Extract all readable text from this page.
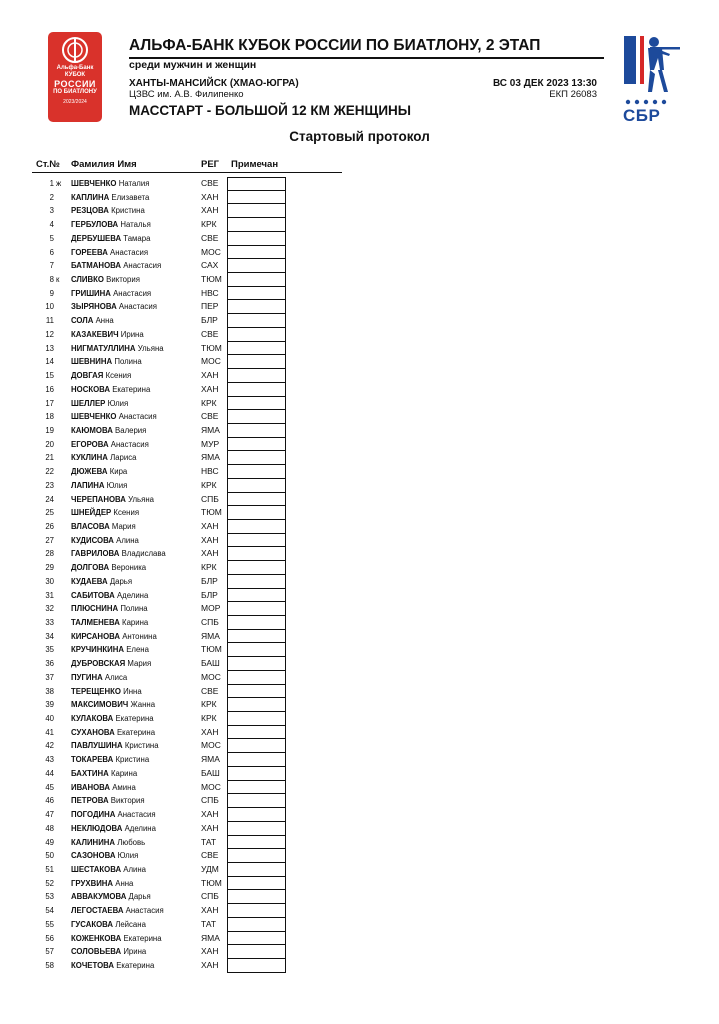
Альфа-Банк
КУБОК
РОССИИ
ПО БИАТЛОНУ
2023/2024
АЛЬФА-БАНК КУБОК РОССИИ ПО БИАТЛОНУ, 2 ЭТАП
среди мужчин и женщин
ХАНТЫ-МАНСИЙСК (ХМАО-ЮГРА)
ЦЗВС им. А.В. Филипенко
ВС 03 ДЕК 2023 13:30
ЕКП 26083
МАССТАРТ - БОЛЬШОЙ 12 КМ ЖЕНЩИНЫ
Стартовый протокол
СБР
Ст.№ Фамилия Имя	РЕГ Примечан
1 ж ШЕВЧЕНКО Наталия	СВЕ
2 КАПЛИНА Елизавета	ХАН
3 РЕЗЦОВА Кристина	ХАН
4 ГЕРБУЛОВА Наталья	КРК
5 ДЕРБУШЕВА Тамара	СВЕ
6 ГОРЕЕВА Анастасия	МОС
7 БАТМАНОВА Анастасия	САХ
8 к СЛИВКО Виктория	ТЮМ
9 ГРИШИНА Анастасия	НВС
10 ЗЫРЯНОВА Анастасия	ПЕР
11 СОЛА Анна	БЛР
12 КАЗАКЕВИЧ Ирина	СВЕ
13 НИГМАТУЛЛИНА Ульяна	ТЮМ
14 ШЕВНИНА Полина	МОС
15 ДОВГАЯ Ксения	ХАН
16 НОСКОВА Екатерина	ХАН
17 ШЕЛЛЕР Юлия	КРК
18 ШЕВЧЕНКО Анастасия	СВЕ
19 КАЮМОВА Валерия	ЯМА
20 ЕГОРОВА Анастасия	МУР
21 КУКЛИНА Лариса	ЯМА
22 ДЮЖЕВА Кира	НВС
23 ЛАПИНА Юлия	КРК
24 ЧЕРЕПАНОВА Ульяна	СПБ
25 ШНЕЙДЕР Ксения	ТЮМ
26 ВЛАСОВА Мария	ХАН
27 КУДИСОВА Алина	ХАН
28 ГАВРИЛОВА Владислава	ХАН
29 ДОЛГОВА Вероника	КРК
30 КУДАЕВА Дарья	БЛР
31 САБИТОВА Аделина	БЛР
32 ПЛЮСНИНА Полина	МОР
33 ТАЛМЕНЕВА Карина	СПБ
34 КИРСАНОВА Антонина	ЯМА
35 КРУЧИНКИНА Елена	ТЮМ
36 ДУБРОВСКАЯ Мария	БАШ
37 ПУГИНА Алиса	МОС
38 ТЕРЕЩЕНКО Инна	СВЕ
39 МАКСИМОВИЧ Жанна	КРК
40 КУЛАКОВА Екатерина	КРК
41 СУХАНОВА Екатерина	ХАН
42 ПАВЛУШИНА Кристина	МОС
43 ТОКАРЕВА Кристина	ЯМА
44 БАХТИНА Карина	БАШ
45 ИВАНОВА Амина	МОС
46 ПЕТРОВА Виктория	СПБ
47 ПОГОДИНА Анастасия	ХАН
48 НЕКЛЮДОВА Аделина	ХАН
49 КАЛИНИНА Любовь	ТАТ
50 САЗОНОВА Юлия	СВЕ
51 ШЕСТАКОВА Алина	УДМ
52 ГРУХВИНА Анна	ТЮМ
53 АВВАКУМОВА Дарья	СПБ
54 ЛЕГОСТАЕВА Анастасия	ХАН
55 ГУСАКОВА Лейсана	ТАТ
56 КОЖЕНКОВА Екатерина	ЯМА
57 СОЛОВЬЕВА Ирина	ХАН
58 КОЧЕТОВА Екатерина	ХАН
